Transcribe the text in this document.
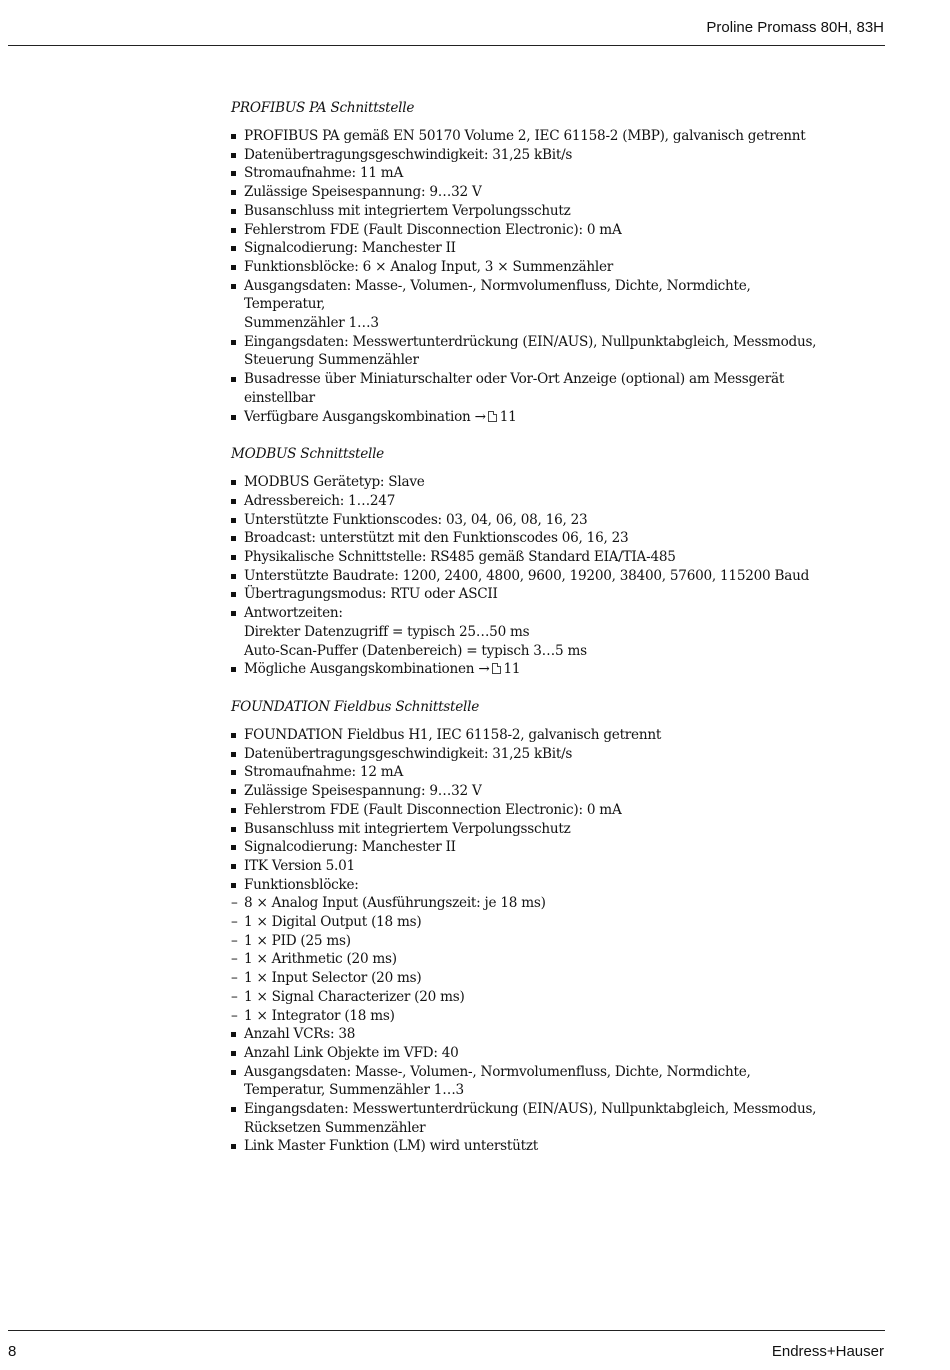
Proline Promass 80H, 83H
PROFIBUS PA Schnittstelle
PROFIBUS PA gemäß EN 50170 Volume 2, IEC 61158-2 (MBP), galvanisch getrennt
Datenübertragungsgeschwindigkeit: 31,25 kBit/s
Stromaufnahme: 11 mA
Zulässige Speisespannung: 9…32 V
Busanschluss mit integriertem Verpolungsschutz
Fehlerstrom FDE (Fault Disconnection Electronic): 0 mA
Signalcodierung: Manchester II
Funktionsblöcke: 6 × Analog Input, 3 × Summenzähler
Ausgangsdaten: Masse-, Volumen-, Normvolumenfluss, Dichte, Normdichte, Temperatur,
Summenzähler 1…3
Eingangsdaten: Messwertunterdrückung (EIN/AUS), Nullpunktabgleich, Messmodus,
Steuerung Summenzähler
Busadresse über Miniaturschalter oder Vor-Ort Anzeige (optional) am Messgerät einstellbar
Verfügbare Ausgangskombination → 11
MODBUS Schnittstelle
MODBUS Gerätetyp: Slave
Adressbereich: 1…247
Unterstützte Funktionscodes: 03, 04, 06, 08, 16, 23
Broadcast: unterstützt mit den Funktionscodes 06, 16, 23
Physikalische Schnittstelle: RS485 gemäß Standard EIA/TIA-485
Unterstützte Baudrate: 1200, 2400, 4800, 9600, 19200, 38400, 57600, 115200 Baud
Übertragungsmodus: RTU oder ASCII
Antwortzeiten:
Direkter Datenzugriff = typisch 25…50 ms
Auto-Scan-Puffer (Datenbereich) = typisch 3…5 ms
Mögliche Ausgangskombinationen → 11
FOUNDATION Fieldbus Schnittstelle
FOUNDATION Fieldbus H1, IEC 61158-2, galvanisch getrennt
Datenübertragungsgeschwindigkeit: 31,25 kBit/s
Stromaufnahme: 12 mA
Zulässige Speisespannung: 9…32 V
Fehlerstrom FDE (Fault Disconnection Electronic): 0 mA
Busanschluss mit integriertem Verpolungsschutz
Signalcodierung: Manchester II
ITK Version 5.01
Funktionsblöcke:
– 8 × Analog Input (Ausführungszeit: je 18 ms)
– 1 × Digital Output (18 ms)
– 1 × PID (25 ms)
– 1 × Arithmetic (20 ms)
– 1 × Input Selector (20 ms)
– 1 × Signal Characterizer (20 ms)
– 1 × Integrator (18 ms)
Anzahl VCRs: 38
Anzahl Link Objekte im VFD: 40
Ausgangsdaten: Masse-, Volumen-, Normvolumenfluss, Dichte, Normdichte,
Temperatur, Summenzähler 1…3
Eingangsdaten: Messwertunterdrückung (EIN/AUS), Nullpunktabgleich, Messmodus,
Rücksetzen Summenzähler
Link Master Funktion (LM) wird unterstützt
8	Endress+Hauser
